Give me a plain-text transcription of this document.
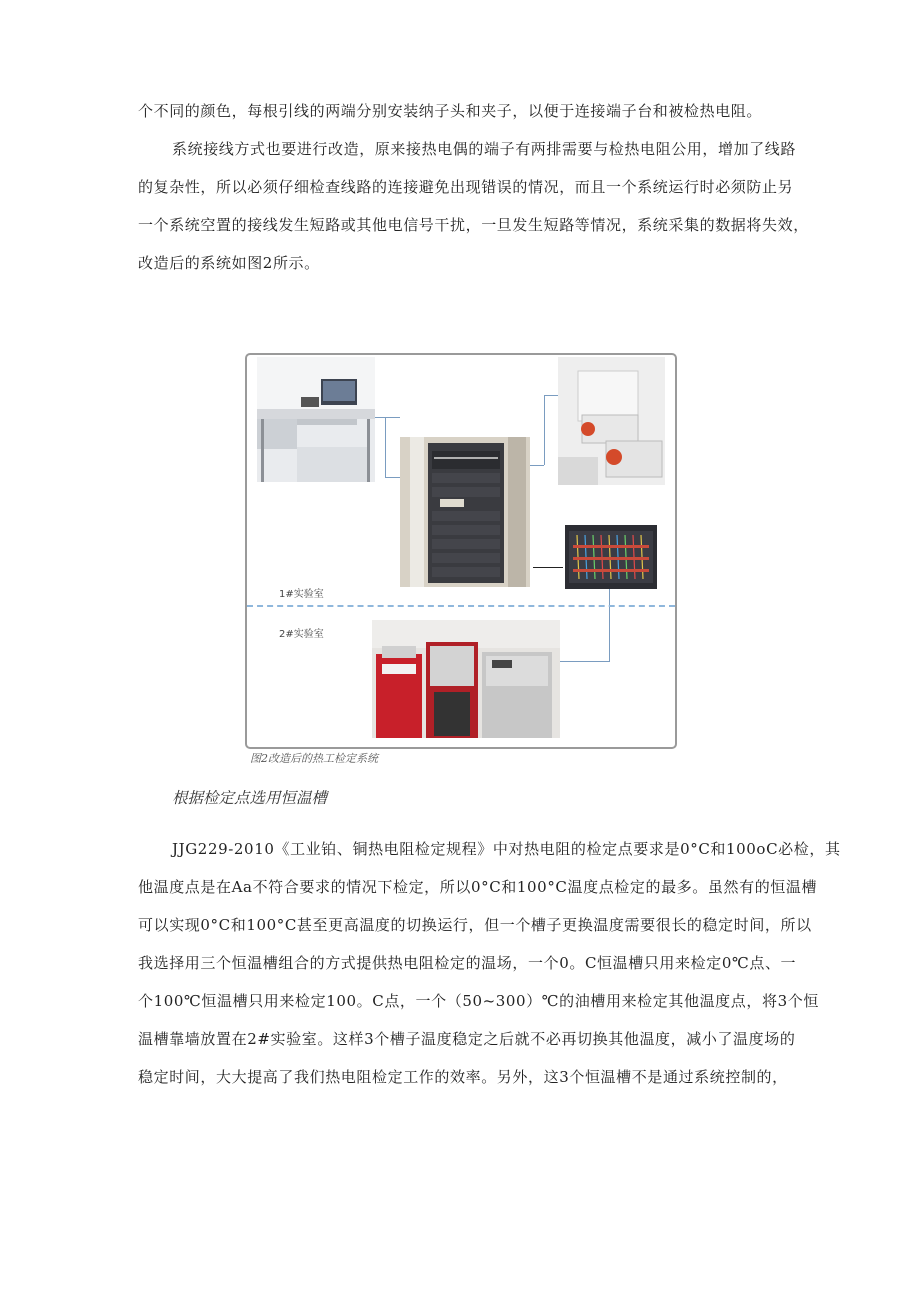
个不同的颜色，每根引线的两端分别安装纳子头和夹子，以便于连接端子台和被检热电阻。
系统接线方式也要进行改造，原来接热电偶的端子有两排需要与检热电阻公用，增加了线路
的复杂性，所以必须仔细检查线路的连接避免出现错误的情况，而且一个系统运行时必须防止另
一个系统空置的接线发生短路或其他电信号干扰，一旦发生短路等情况，系统采集的数据将失效，
改造后的系统如图2所示。
1#实验室
2#实验室
图2改造后的热工检定系统
根据检定点选用恒温槽
JJG229-2010《工业铂、铜热电阻检定规程》中对热电阻的检定点要求是0°C和100oC必检，其
他温度点是在Aa不符合要求的情况下检定，所以0°C和100°C温度点检定的最多。虽然有的恒温槽
可以实现0°C和100°C甚至更高温度的切换运行，但一个槽子更换温度需要很长的稳定时间，所以
我选择用三个恒温槽组合的方式提供热电阻检定的温场，一个0。C恒温槽只用来检定0℃点、一
个100℃恒温槽只用来检定100。C点，一个（50~300）℃的油槽用来检定其他温度点，将3个恒
温槽靠墙放置在2#实验室。这样3个槽子温度稳定之后就不必再切换其他温度，减小了温度场的
稳定时间，大大提高了我们热电阻检定工作的效率。另外，这3个恒温槽不是通过系统控制的，
